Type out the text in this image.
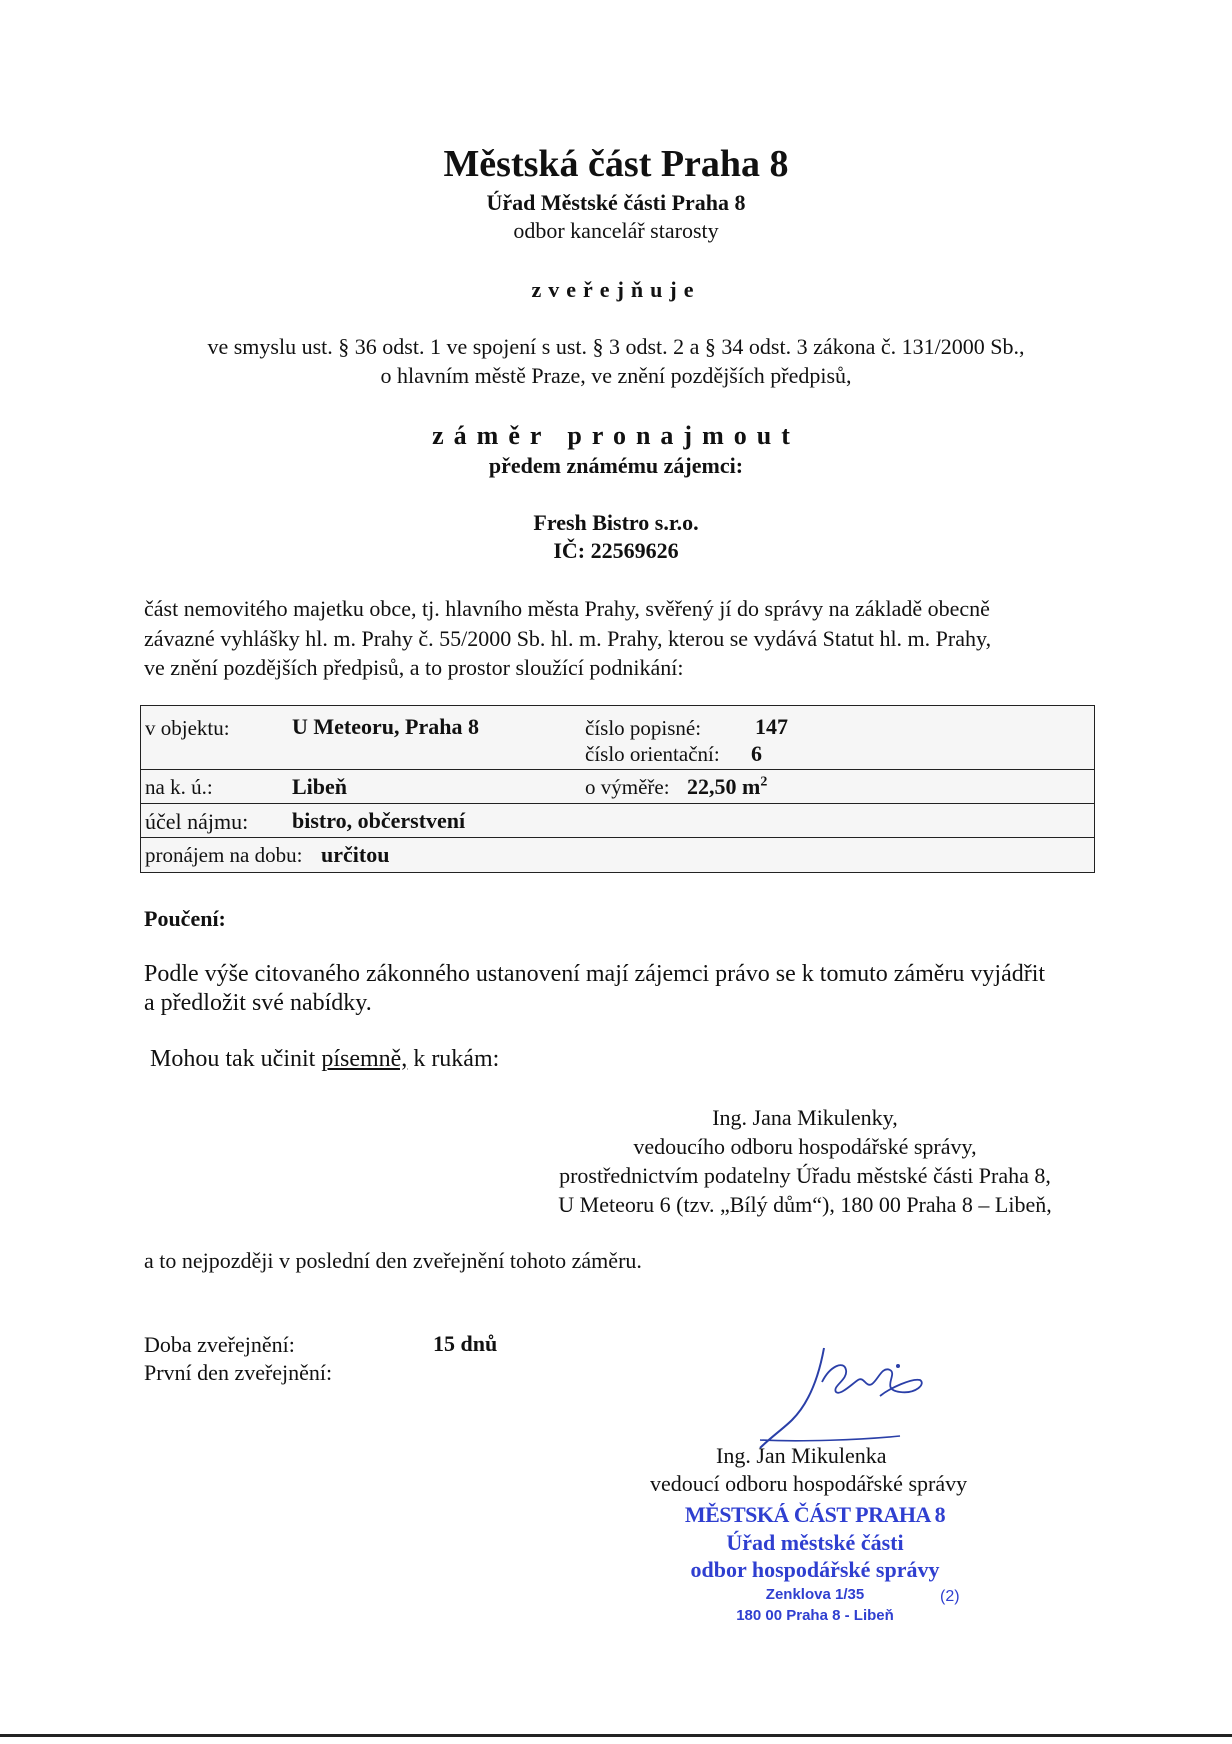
Městská část Praha 8
Úřad Městské části Praha 8
odbor kancelář starosty
zveřejňuje
ve smyslu ust. § 36 odst. 1 ve spojení s ust. § 3 odst. 2 a § 34 odst. 3 zákona č. 131/2000 Sb.,
o hlavním městě Praze, ve znění pozdějších předpisů,
záměr pronajmout
předem známému zájemci:
Fresh Bistro s.r.o.
IČ: 22569626
část nemovitého majetku obce, tj. hlavního města Prahy, svěřený jí do správy na základě obecně
závazné vyhlášky hl. m. Prahy č. 55/2000 Sb. hl. m. Prahy, kterou se vydává Statut hl. m. Prahy,
ve znění pozdějších předpisů, a to prostor sloužící podnikání:
v objektu:	U Meteoru, Praha 8	číslo popisné: 147
číslo orientační: 6
na k. ú.:	Libeň	o výměře: 22,50 $m^2$
účel nájmu: bistro, občerstvení
pronájem na dobu: určitou
Poučení:
Podle výše citovaného zákonného ustanovení mají zájemci právo se k tomuto záměru vyjádřit
a předložit své nabídky.
Mohou tak učinit písemně, k rukám:
Ing. Jana Mikulenky,
vedoucího odboru hospodářské správy,
prostřednictvím podatelny Úřadu městské části Praha 8,
U Meteoru 6 (tzv. „Bílý dům“), 180 00 Praha 8 – Libeň,
a to nejpozději v poslední den zveřejnění tohoto záměru.
Doba zveřejnění:	15 dnů
První den zveřejnění:
Ing. Jan Mikulenka
vedoucí odboru hospodářské správy
MĚSTSKÁ ČÁST PRAHA 8
Úřad městské části
odbor hospodářské správy
Zenklova 1/35
180 00 Praha 8 - Libeň
(2)
